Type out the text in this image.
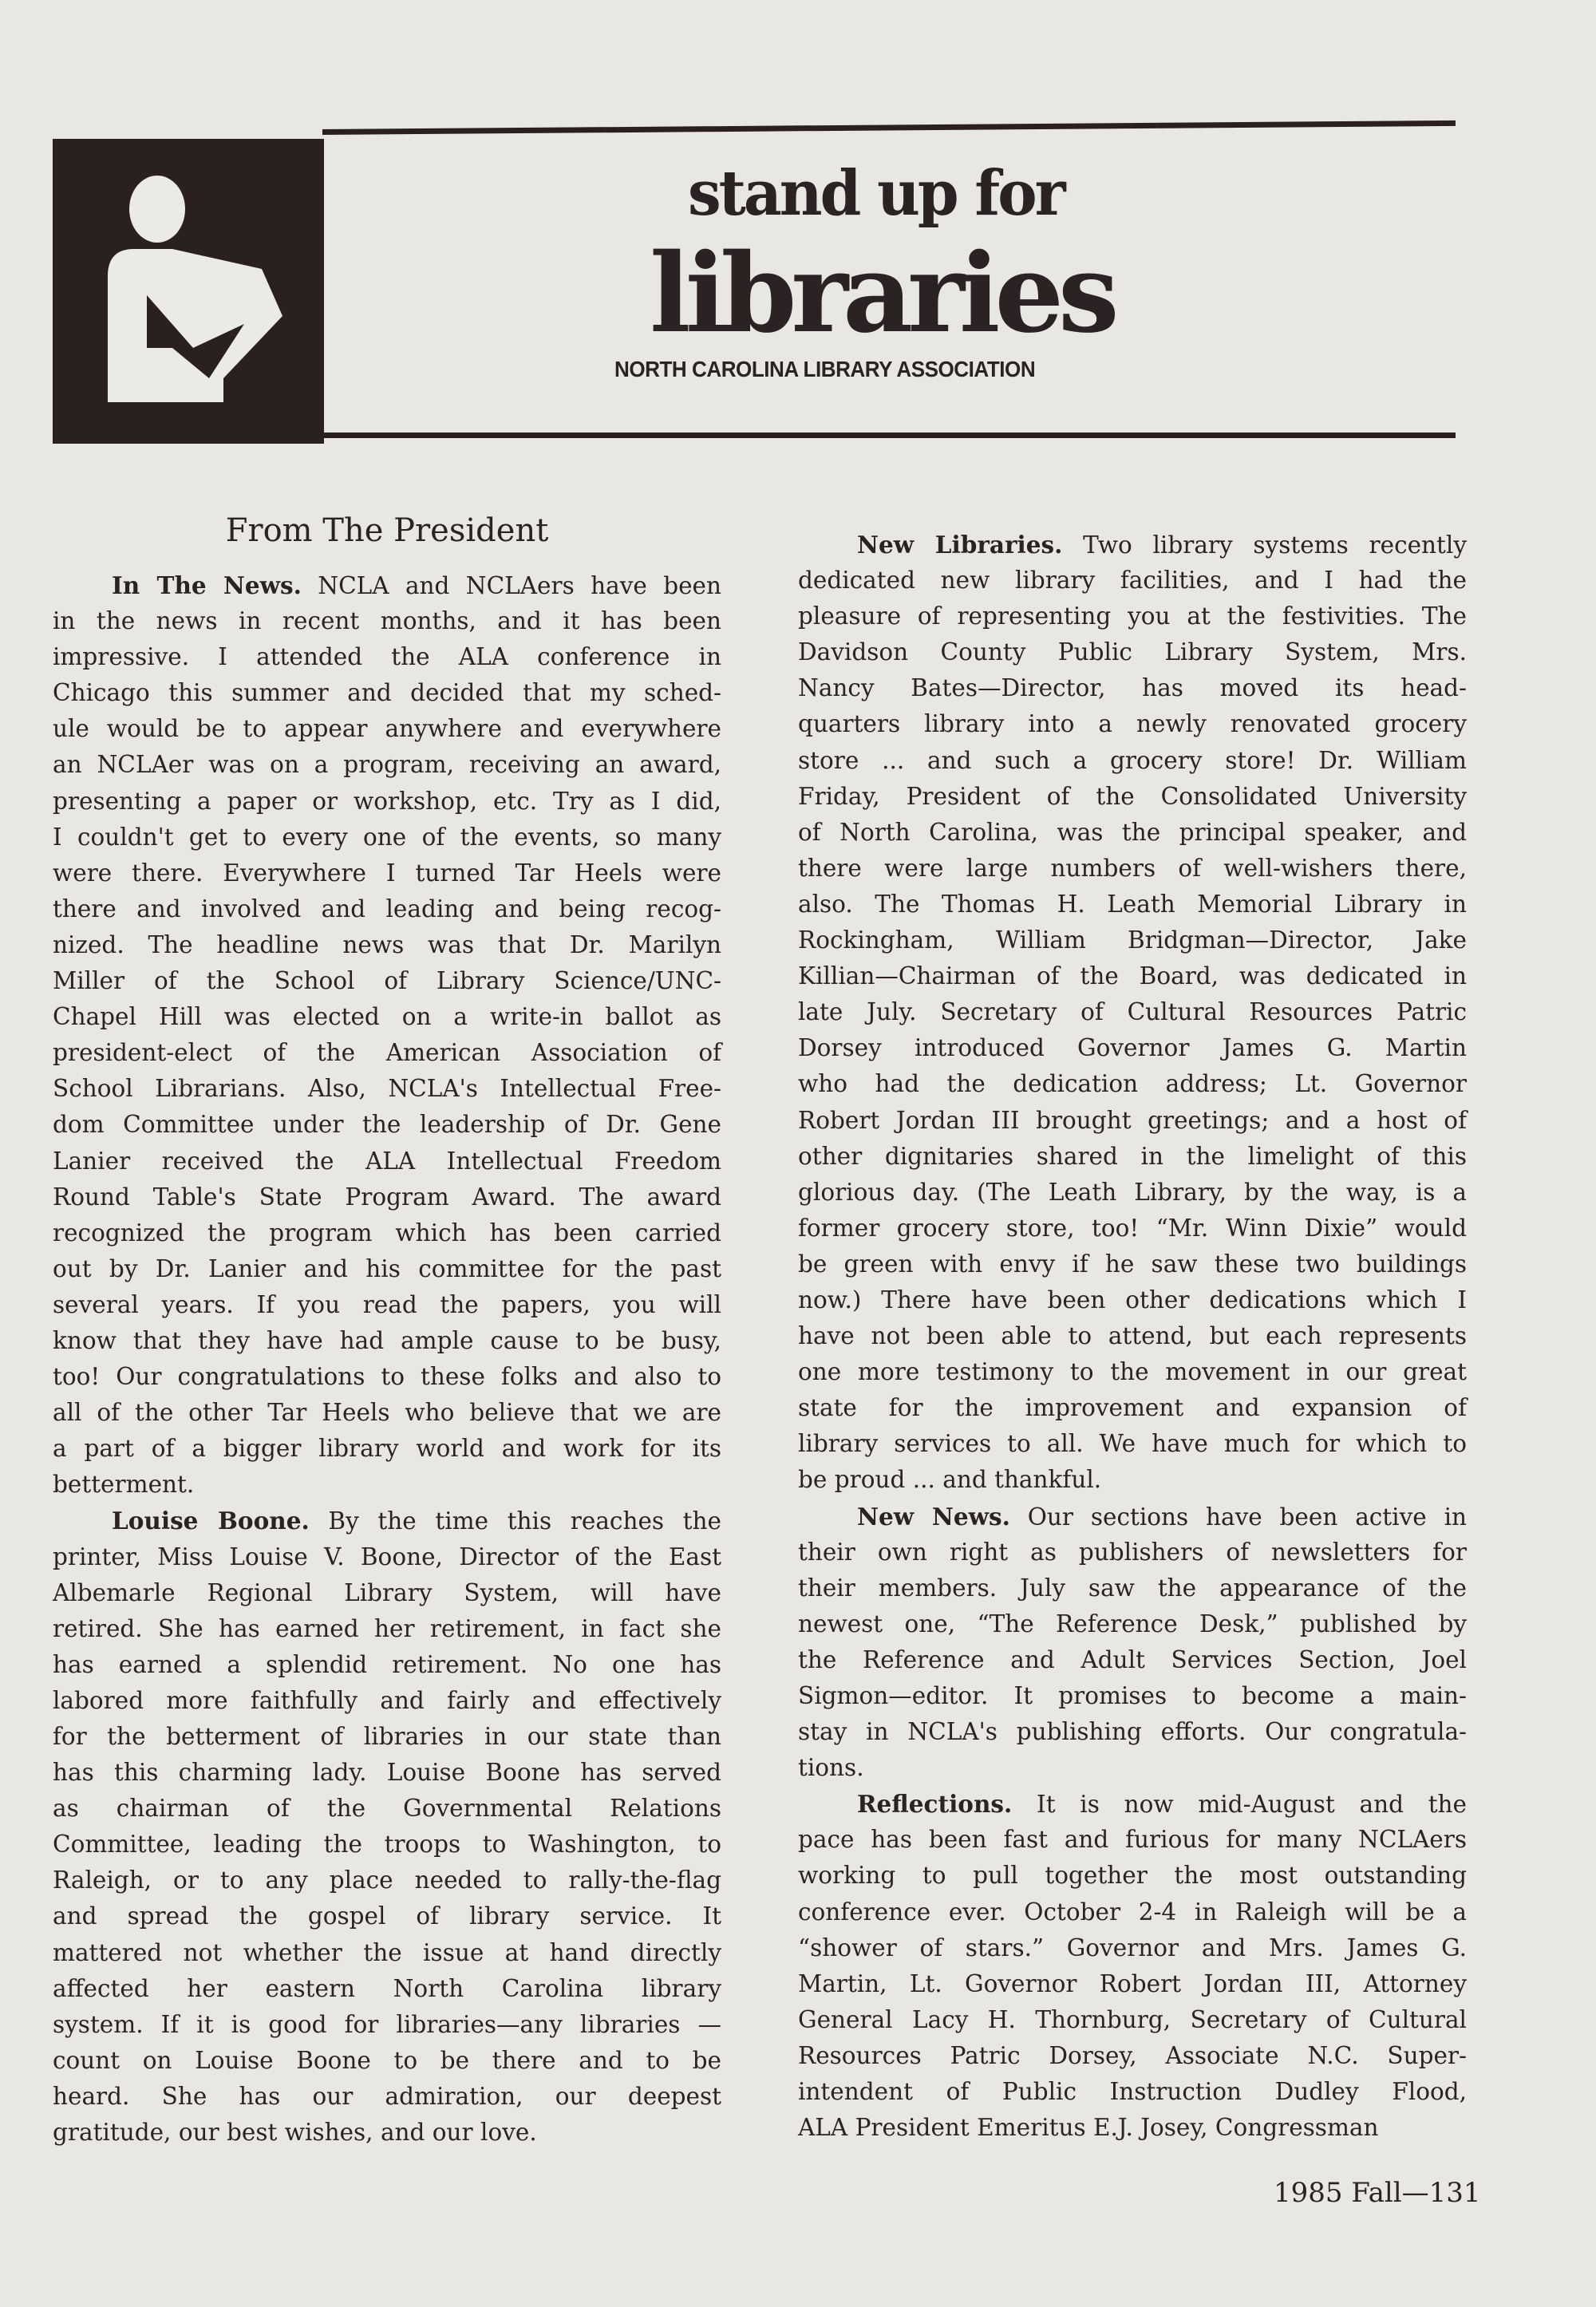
stand up for
libraries
NORTH CAROLINA LIBRARY ASSOCIATION
From The President
In The News. NCLA and NCLAers have been
in the news in recent months, and it has been
impressive. I attended the ALA conference in
Chicago this summer and decided that my sched-
ule would be to appear anywhere and everywhere
an NCLAer was on a program, receiving an award,
presenting a paper or workshop, etc. Try as I did,
I couldn't get to every one of the events, so many
were there. Everywhere I turned Tar Heels were
there and involved and leading and being recog-
nized. The headline news was that Dr. Marilyn
Miller of the School of Library Science/UNC-
Chapel Hill was elected on a write-in ballot as
president-elect of the American Association of
School Librarians. Also, NCLA's Intellectual Free-
dom Committee under the leadership of Dr. Gene
Lanier received the ALA Intellectual Freedom
Round Table's State Program Award. The award
recognized the program which has been carried
out by Dr. Lanier and his committee for the past
several years. If you read the papers, you will
know that they have had ample cause to be busy,
too! Our congratulations to these folks and also to
all of the other Tar Heels who believe that we are
a part of a bigger library world and work for its
betterment.
Louise Boone. By the time this reaches the
printer, Miss Louise V. Boone, Director of the East
Albemarle Regional Library System, will have
retired. She has earned her retirement, in fact she
has earned a splendid retirement. No one has
labored more faithfully and fairly and effectively
for the betterment of libraries in our state than
has this charming lady. Louise Boone has served
as chairman of the Governmental Relations
Committee, leading the troops to Washington, to
Raleigh, or to any place needed to rally-the-flag
and spread the gospel of library service. It
mattered not whether the issue at hand directly
affected her eastern North Carolina library
system. If it is good for libraries—any libraries —
count on Louise Boone to be there and to be
heard. She has our admiration, our deepest
gratitude, our best wishes, and our love.
New Libraries. Two library systems recently
dedicated new library facilities, and I had the
pleasure of representing you at the festivities. The
Davidson County Public Library System, Mrs.
Nancy Bates—Director, has moved its head-
quarters library into a newly renovated grocery
store ... and such a grocery store! Dr. William
Friday, President of the Consolidated University
of North Carolina, was the principal speaker, and
there were large numbers of well-wishers there,
also. The Thomas H. Leath Memorial Library in
Rockingham, William Bridgman—Director, Jake
Killian—Chairman of the Board, was dedicated in
late July. Secretary of Cultural Resources Patric
Dorsey introduced Governor James G. Martin
who had the dedication address; Lt. Governor
Robert Jordan III brought greetings; and a host of
other dignitaries shared in the limelight of this
glorious day. (The Leath Library, by the way, is a
former grocery store, too! “Mr. Winn Dixie” would
be green with envy if he saw these two buildings
now.) There have been other dedications which I
have not been able to attend, but each represents
one more testimony to the movement in our great
state for the improvement and expansion of
library services to all. We have much for which to
be proud ... and thankful.
New News. Our sections have been active in
their own right as publishers of newsletters for
their members. July saw the appearance of the
newest one, “The Reference Desk,” published by
the Reference and Adult Services Section, Joel
Sigmon—editor. It promises to become a main-
stay in NCLA's publishing efforts. Our congratula-
tions.
Reflections. It is now mid-August and the
pace has been fast and furious for many NCLAers
working to pull together the most outstanding
conference ever. October 2-4 in Raleigh will be a
“shower of stars.” Governor and Mrs. James G.
Martin, Lt. Governor Robert Jordan III, Attorney
General Lacy H. Thornburg, Secretary of Cultural
Resources Patric Dorsey, Associate N.C. Super-
intendent of Public Instruction Dudley Flood,
ALA President Emeritus E.J. Josey, Congressman
1985 Fall—131
